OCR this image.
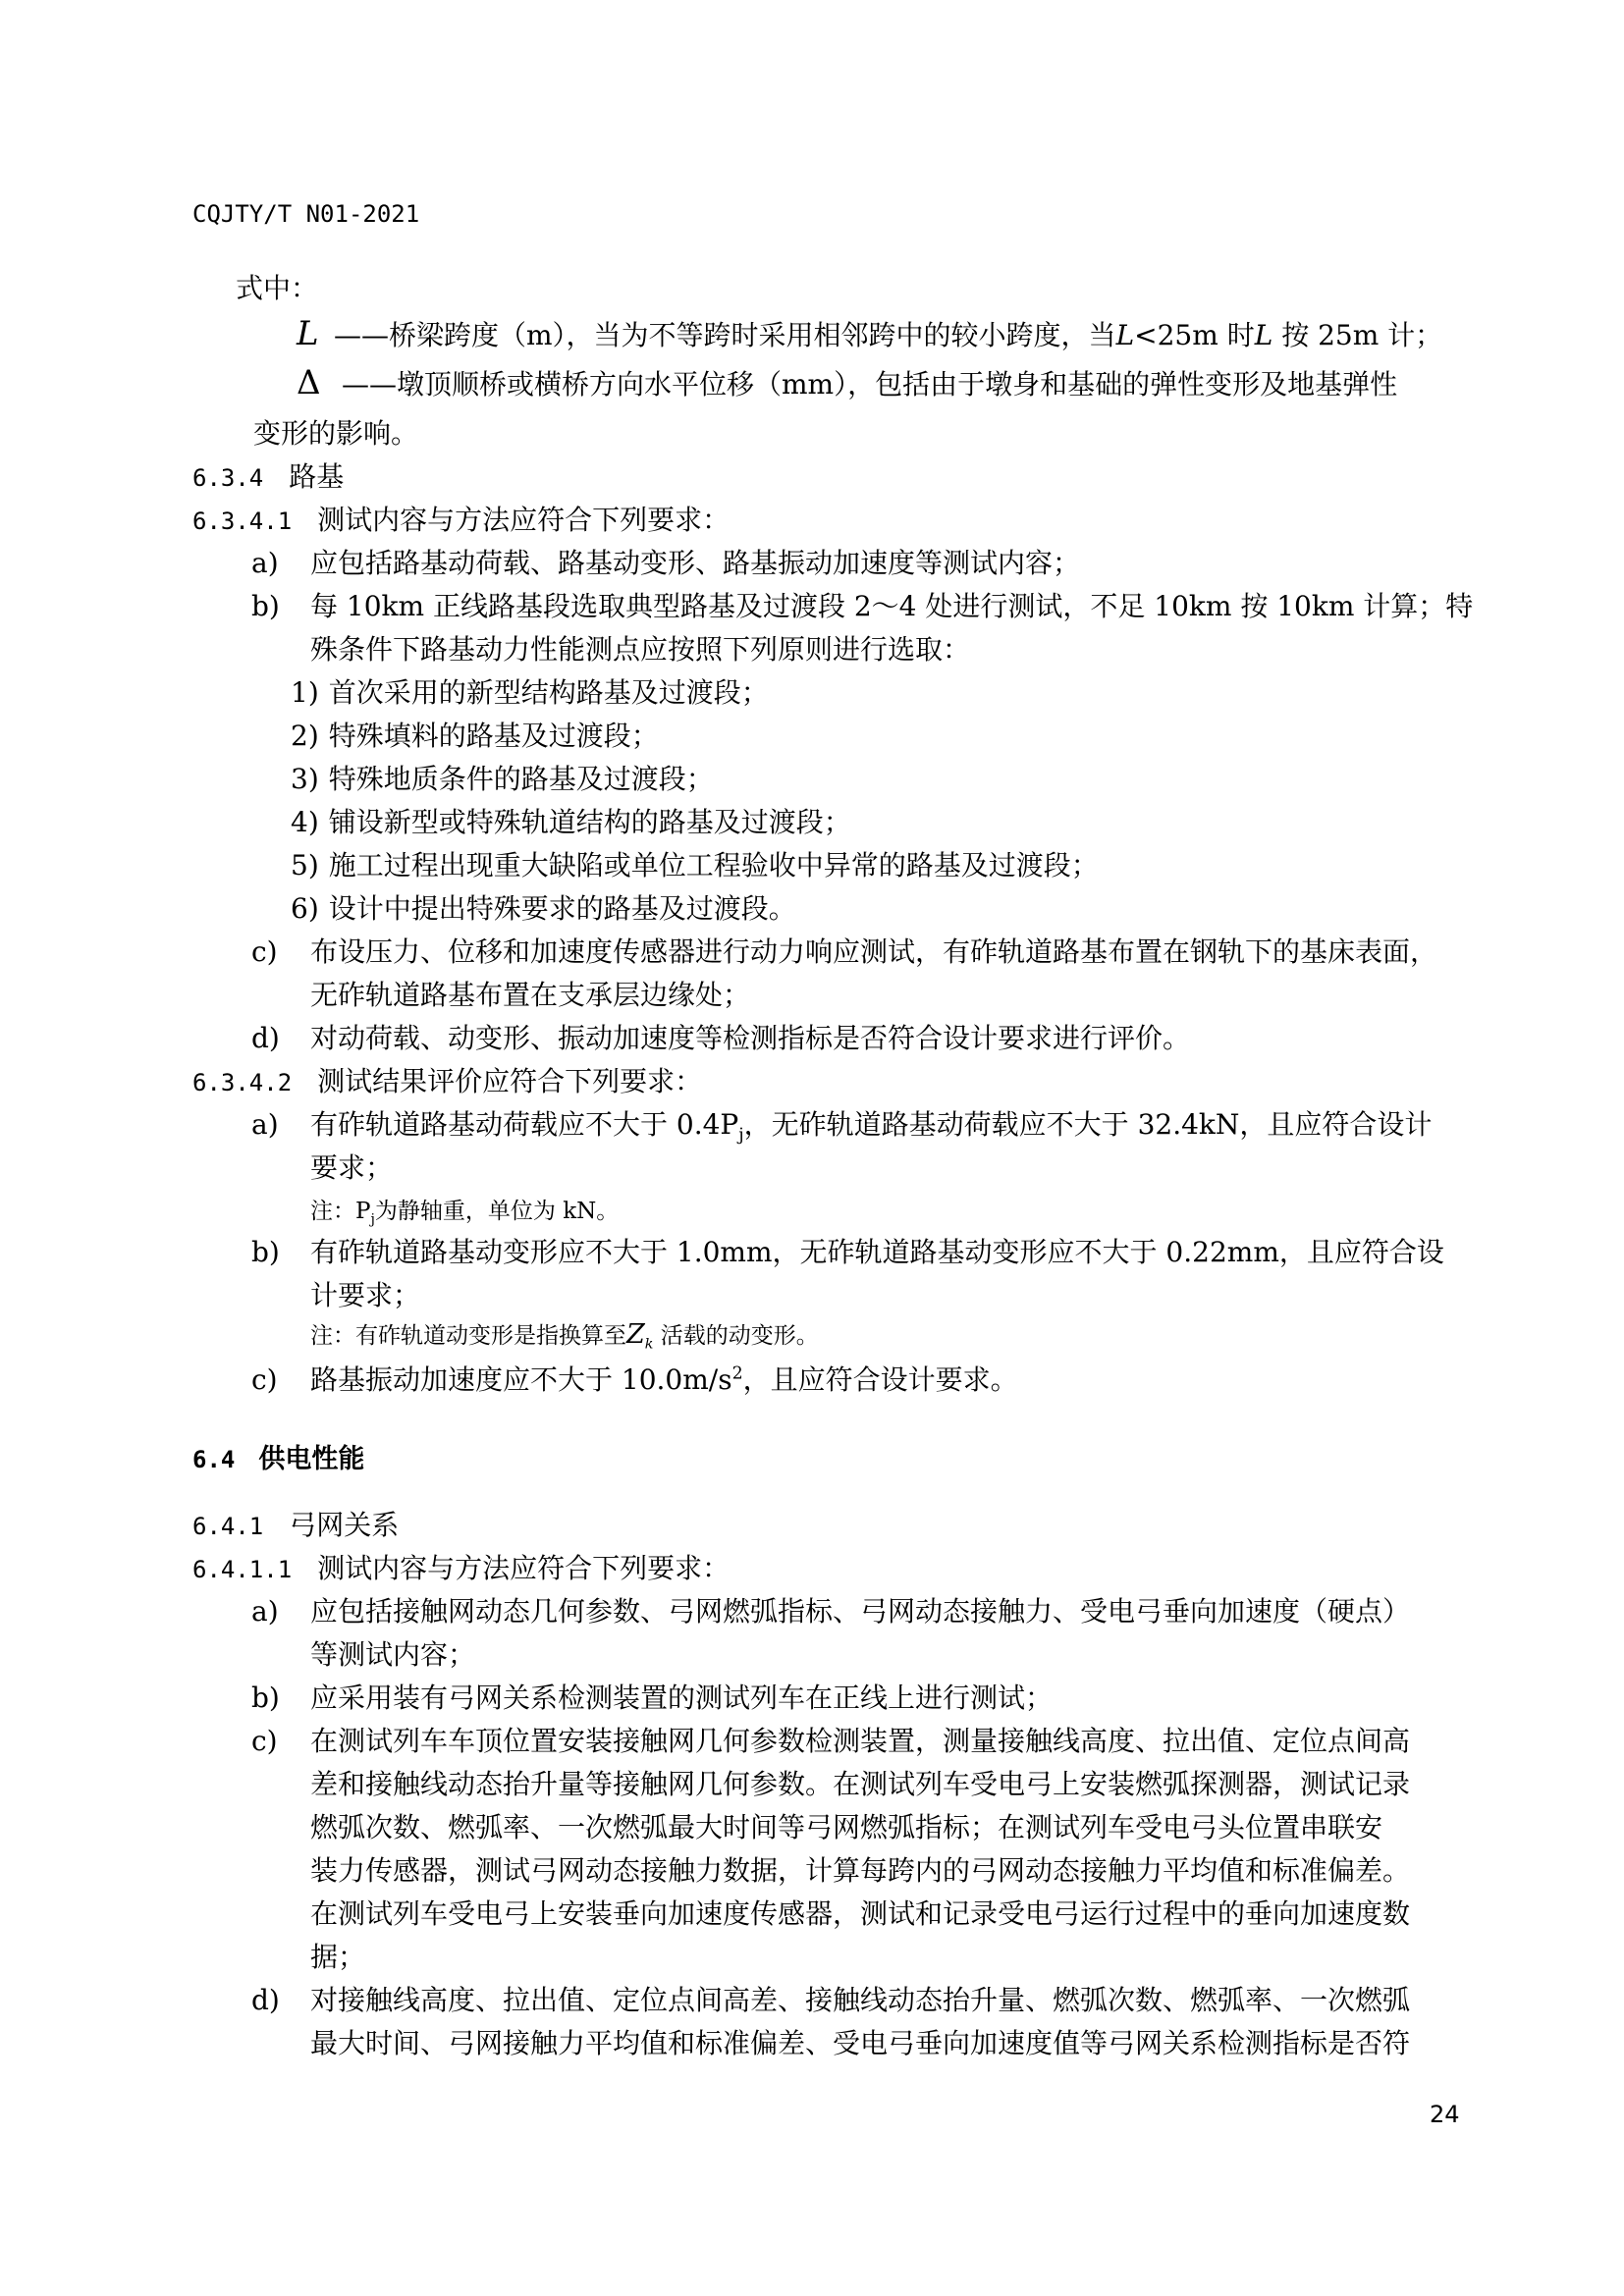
CQJTY/T N01-2021
式中：
L ——桥梁跨度（m），当为不等跨时采用相邻跨中的较小跨度，当L<25m 时L 按 25m 计；
Δ ——墩顶顺桥或横桥方向水平位移（mm），包括由于墩身和基础的弹性变形及地基弹性
变形的影响。
6.3.4 路基
6.3.4.1 测试内容与方法应符合下列要求：
a) 应包括路基动荷载、路基动变形、路基振动加速度等测试内容；
b) 每 10km 正线路基段选取典型路基及过渡段 2～4 处进行测试，不足 10km 按 10km 计算；特
殊条件下路基动力性能测点应按照下列原则进行选取：
1) 首次采用的新型结构路基及过渡段；
2) 特殊填料的路基及过渡段；
3) 特殊地质条件的路基及过渡段；
4) 铺设新型或特殊轨道结构的路基及过渡段；
5) 施工过程出现重大缺陷或单位工程验收中异常的路基及过渡段；
6) 设计中提出特殊要求的路基及过渡段。
c) 布设压力、位移和加速度传感器进行动力响应测试，有砟轨道路基布置在钢轨下的基床表面，
无砟轨道路基布置在支承层边缘处；
d) 对动荷载、动变形、振动加速度等检测指标是否符合设计要求进行评价。
6.3.4.2 测试结果评价应符合下列要求：
a) 有砟轨道路基动荷载应不大于 $0.4P_j$，无砟轨道路基动荷载应不大于 32.4kN，且应符合设计
要求；
注：$P_j$为静轴重，单位为 kN。
b) 有砟轨道路基动变形应不大于 1.0mm，无砟轨道路基动变形应不大于 0.22mm，且应符合设
计要求；
注：有砟轨道动变形是指换算至$Z_k$ 活载的动变形。
c) 路基振动加速度应不大于 $10.0m/s^2$，且应符合设计要求。
6.4 供电性能
6.4.1 弓网关系
6.4.1.1 测试内容与方法应符合下列要求：
a) 应包括接触网动态几何参数、弓网燃弧指标、弓网动态接触力、受电弓垂向加速度（硬点）
等测试内容；
b) 应采用装有弓网关系检测装置的测试列车在正线上进行测试；
c) 在测试列车车顶位置安装接触网几何参数检测装置，测量接触线高度、拉出值、定位点间高
差和接触线动态抬升量等接触网几何参数。在测试列车受电弓上安装燃弧探测器，测试记录
燃弧次数、燃弧率、一次燃弧最大时间等弓网燃弧指标；在测试列车受电弓头位置串联安
装力传感器，测试弓网动态接触力数据，计算每跨内的弓网动态接触力平均值和标准偏差。
在测试列车受电弓上安装垂向加速度传感器，测试和记录受电弓运行过程中的垂向加速度数
据；
d) 对接触线高度、拉出值、定位点间高差、接触线动态抬升量、燃弧次数、燃弧率、一次燃弧
最大时间、弓网接触力平均值和标准偏差、受电弓垂向加速度值等弓网关系检测指标是否符
24
